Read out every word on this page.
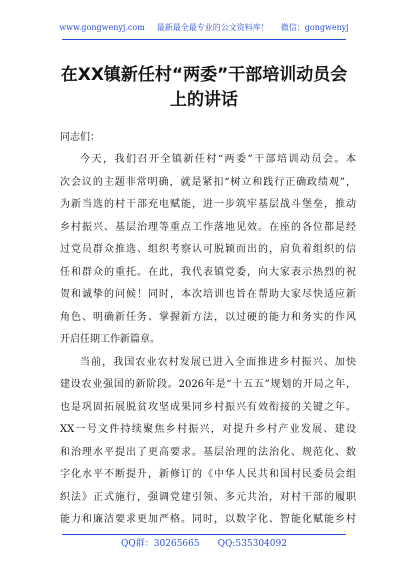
www.gongwenyj.com 最新最全最专业的公文资料库！ 微信：gongwenyj
在XX镇新任村“两委”干部培训动员会
上的讲话
同志们：

今天，我们召开全镇新任村“两委”干部培训动员会。本
次会议的主题非常明确，就是紧扣“树立和践行正确政绩观”，
为新当选的村干部充电赋能，进一步筑牢基层战斗堡垒，推动
乡村振兴、基层治理等重点工作落地见效。在座的各位都是经
过党员群众推选、组织考察认可脱颖而出的，肩负着组织的信
任和群众的重托。在此，我代表镇党委，向大家表示热烈的祝
贺和诚挚的问候！同时，本次培训也旨在帮助大家尽快适应新
角色、明确新任务、掌握新方法，以过硬的能力和务实的作风
开启任期工作新篇章。

当前，我国农业农村发展已进入全面推进乡村振兴、加快
建设农业强国的新阶段。2026年是“十五五”规划的开局之年，
也是巩固拓展脱贫攻坚成果同乡村振兴有效衔接的关键之年。
XX一号文件持续聚焦乡村振兴，对提升乡村产业发展、建设
和治理水平提出了更高要求。基层治理的法治化、规范化、数
字化水平不断提升，新修订的《中华人民共和国村民委员会组
织法》正式施行，强调党建引领、多元共治，对村干部的履职
能力和廉洁要求更加严格。同时，以数字化、智能化赋能乡村

QQ群：30265665 QQ:535304092
